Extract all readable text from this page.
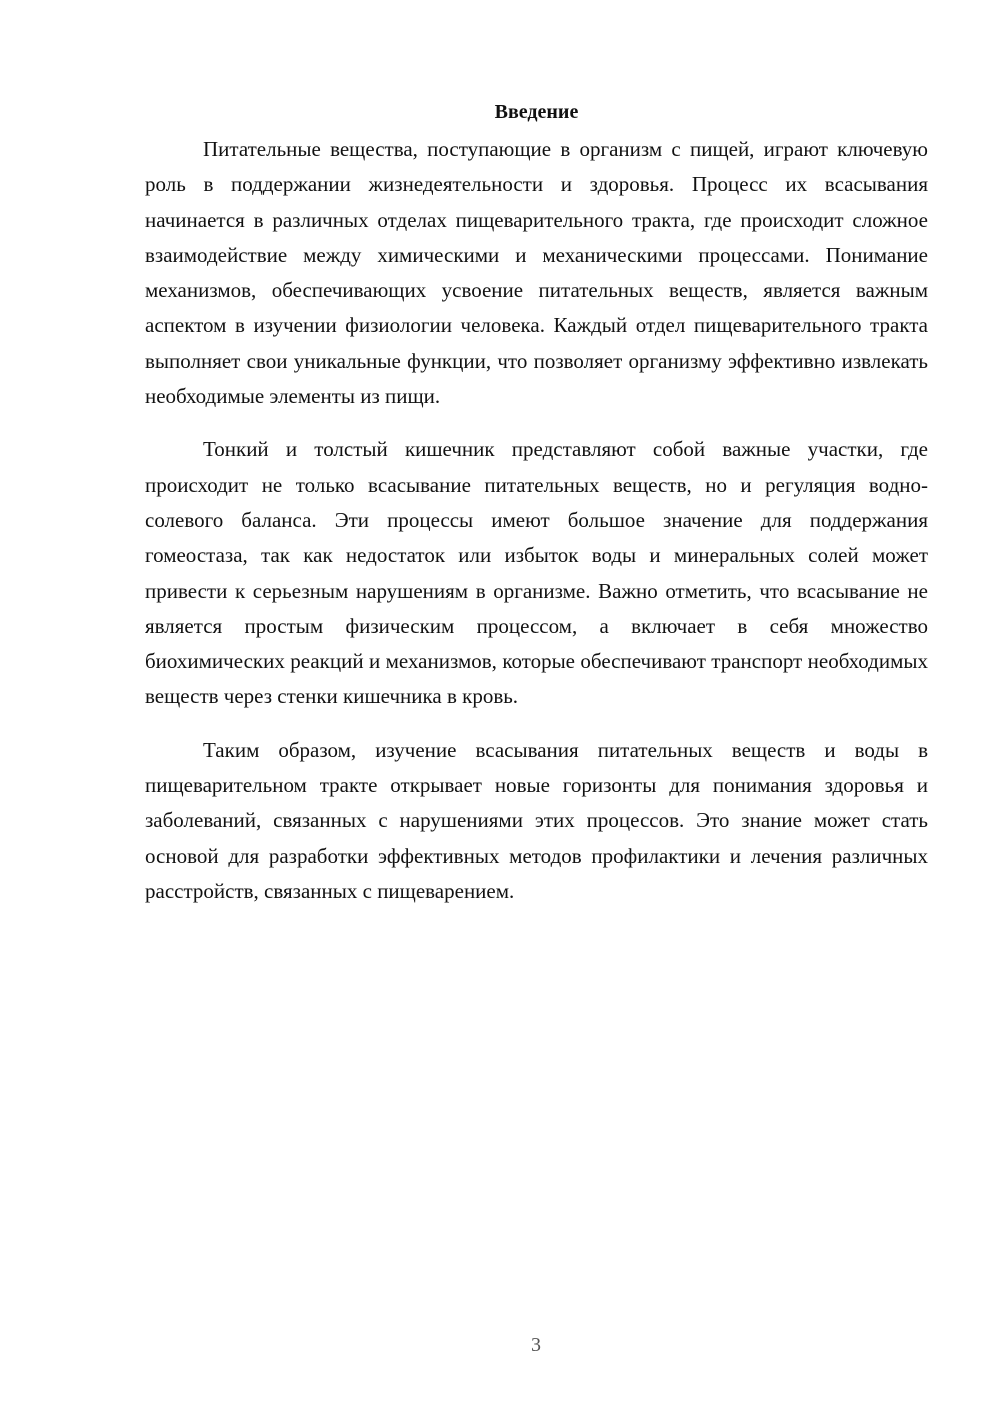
Введение

Питательные вещества, поступающие в организм с пищей, играют ключевую роль в поддержании жизнедеятельности и здоровья. Процесс их всасывания начинается в различных отделах пищеварительного тракта, где происходит сложное взаимодействие между химическими и механическими процессами. Понимание механизмов, обеспечивающих усвоение питательных веществ, является важным аспектом в изучении физиологии человека. Каждый отдел пищеварительного тракта выполняет свои уникальные функции, что позволяет организму эффективно извлекать необходимые элементы из пищи.

Тонкий и толстый кишечник представляют собой важные участки, где происходит не только всасывание питательных веществ, но и регуляция водно-солевого баланса. Эти процессы имеют большое значение для поддержания гомеостаза, так как недостаток или избыток воды и минеральных солей может привести к серьезным нарушениям в организме. Важно отметить, что всасывание не является простым физическим процессом, а включает в себя множество биохимических реакций и механизмов, которые обеспечивают транспорт необходимых веществ через стенки кишечника в кровь.

Таким образом, изучение всасывания питательных веществ и воды в пищеварительном тракте открывает новые горизонты для понимания здоровья и заболеваний, связанных с нарушениями этих процессов. Это знание может стать основой для разработки эффективных методов профилактики и лечения различных расстройств, связанных с пищеварением.

3
